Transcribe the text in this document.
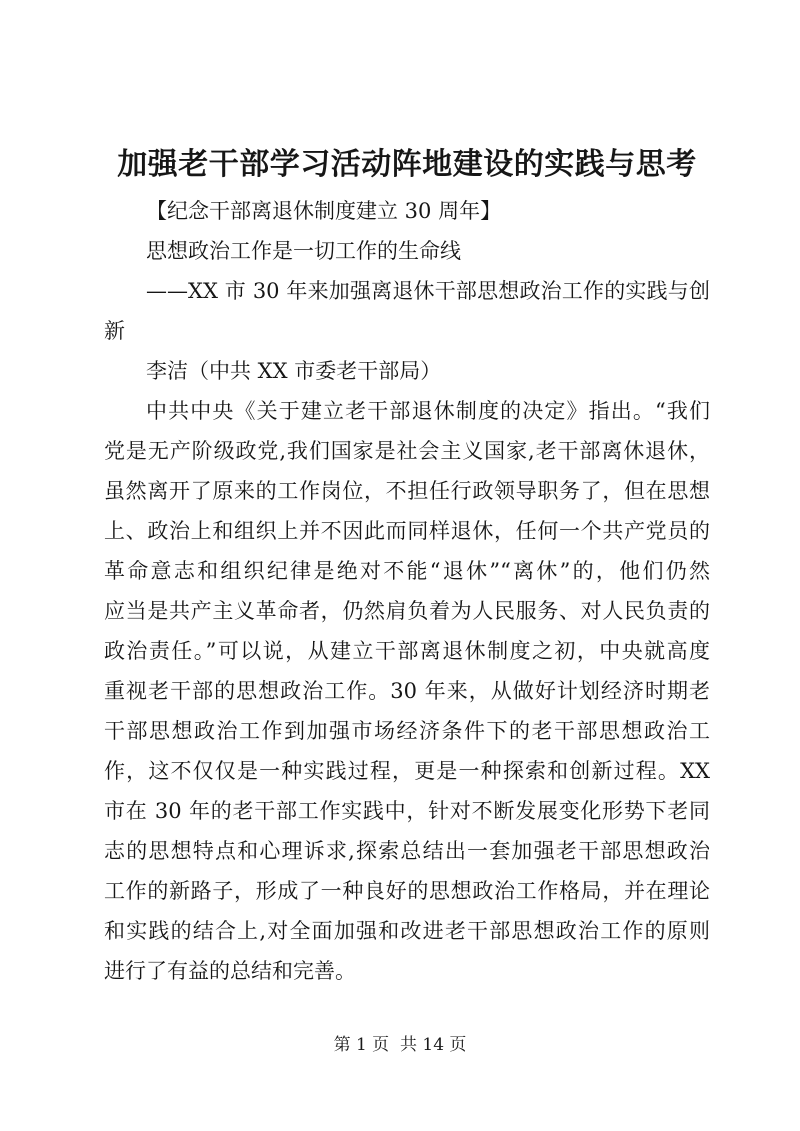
加强老干部学习活动阵地建设的实践与思考
【纪念干部离退休制度建立 30 周年】
思想政治工作是一切工作的生命线
——XX 市 30 年来加强离退休干部思想政治工作的实践与创
新
李洁（中共 XX 市委老干部局）
中共中央《关于建立老干部退休制度的决定》指出。“我们
党是无产阶级政党,我们国家是社会主义国家,老干部离休退休，
虽然离开了原来的工作岗位，不担任行政领导职务了，但在思想
上、政治上和组织上并不因此而同样退休，任何一个共产党员的
革命意志和组织纪律是绝对不能“退休”“离休”的，他们仍然
应当是共产主义革命者，仍然肩负着为人民服务、对人民负责的
政治责任。”可以说，从建立干部离退休制度之初，中央就高度
重视老干部的思想政治工作。30 年来，从做好计划经济时期老
干部思想政治工作到加强市场经济条件下的老干部思想政治工
作，这不仅仅是一种实践过程，更是一种探索和创新过程。XX
市在 30 年的老干部工作实践中，针对不断发展变化形势下老同
志的思想特点和心理诉求,探索总结出一套加强老干部思想政治
工作的新路子，形成了一种良好的思想政治工作格局，并在理论
和实践的结合上,对全面加强和改进老干部思想政治工作的原则
进行了有益的总结和完善。
第 1 页  共 14 页
